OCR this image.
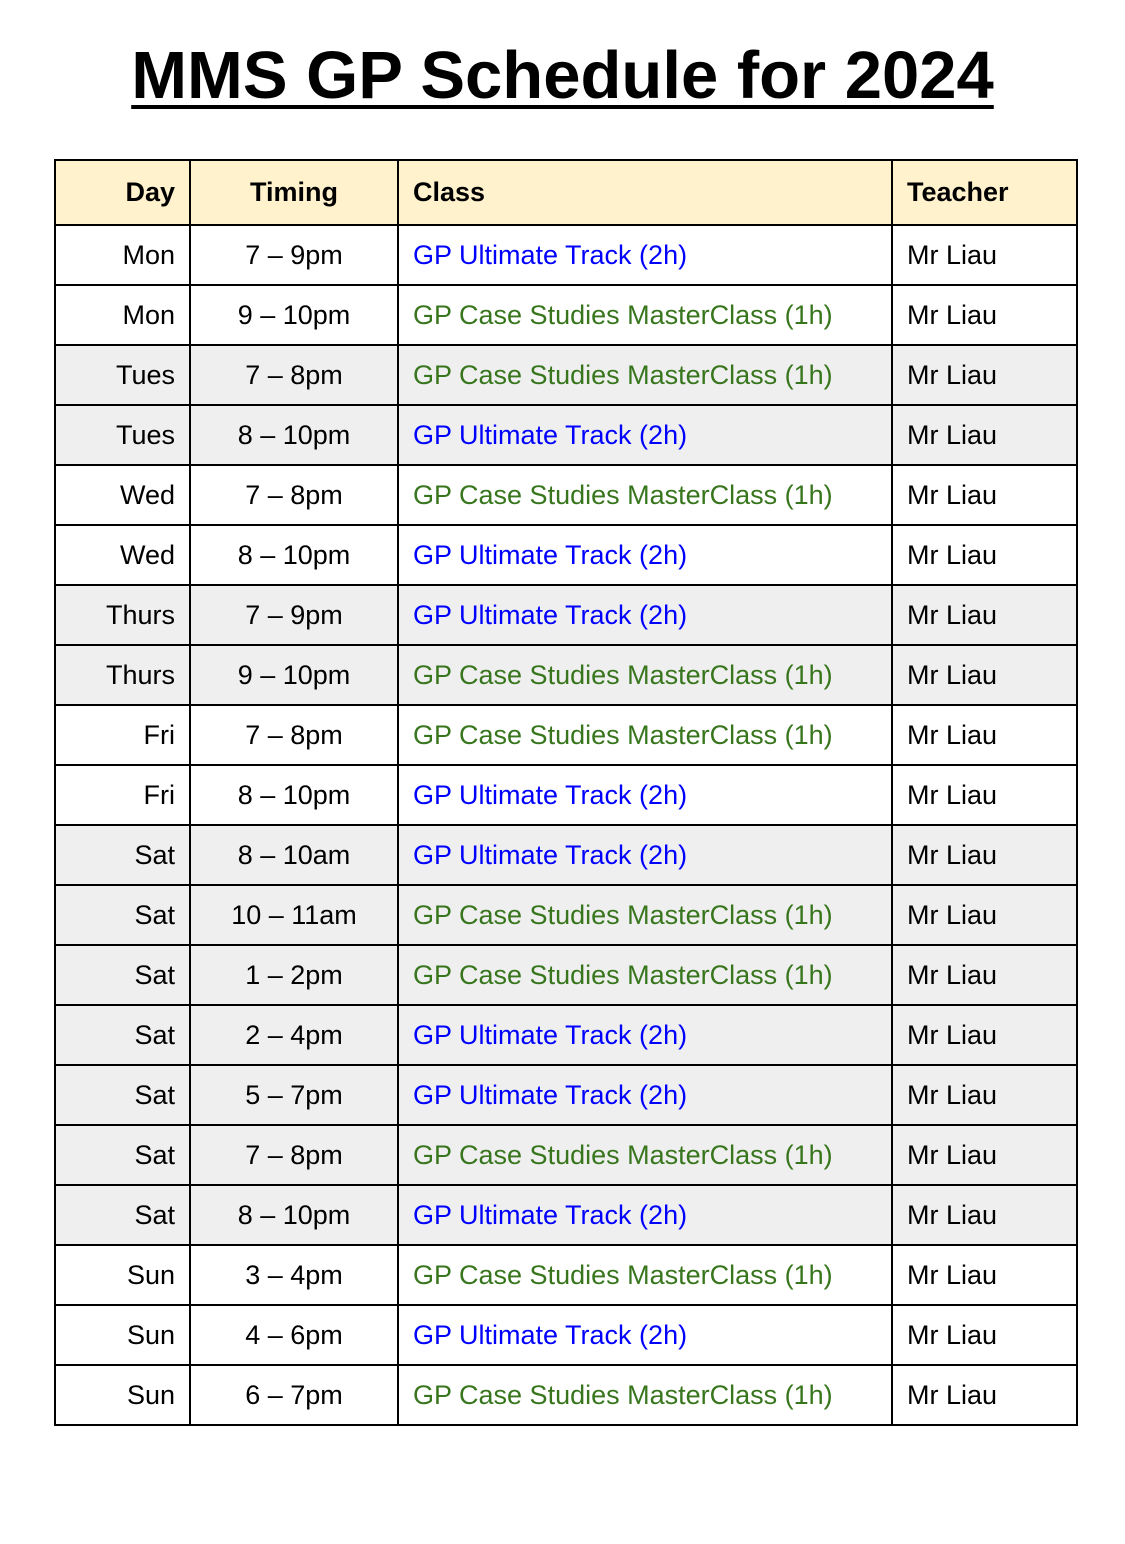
MMS GP Schedule for 2024
Day	Timing	Class	Teacher
Mon	7 – 9pm	GP Ultimate Track (2h)	Mr Liau
Mon	9 – 10pm	GP Case Studies MasterClass (1h)	Mr Liau
Tues	7 – 8pm	GP Case Studies MasterClass (1h)	Mr Liau
Tues	8 – 10pm	GP Ultimate Track (2h)	Mr Liau
Wed	7 – 8pm	GP Case Studies MasterClass (1h)	Mr Liau
Wed	8 – 10pm	GP Ultimate Track (2h)	Mr Liau
Thurs	7 – 9pm	GP Ultimate Track (2h)	Mr Liau
Thurs	9 – 10pm	GP Case Studies MasterClass (1h)	Mr Liau
Fri	7 – 8pm	GP Case Studies MasterClass (1h)	Mr Liau
Fri	8 – 10pm	GP Ultimate Track (2h)	Mr Liau
Sat	8 – 10am	GP Ultimate Track (2h)	Mr Liau
Sat	10 – 11am	GP Case Studies MasterClass (1h)	Mr Liau
Sat	1 – 2pm	GP Case Studies MasterClass (1h)	Mr Liau
Sat	2 – 4pm	GP Ultimate Track (2h)	Mr Liau
Sat	5 – 7pm	GP Ultimate Track (2h)	Mr Liau
Sat	7 – 8pm	GP Case Studies MasterClass (1h)	Mr Liau
Sat	8 – 10pm	GP Ultimate Track (2h)	Mr Liau
Sun	3 – 4pm	GP Case Studies MasterClass (1h)	Mr Liau
Sun	4 – 6pm	GP Ultimate Track (2h)	Mr Liau
Sun	6 – 7pm	GP Case Studies MasterClass (1h)	Mr Liau
